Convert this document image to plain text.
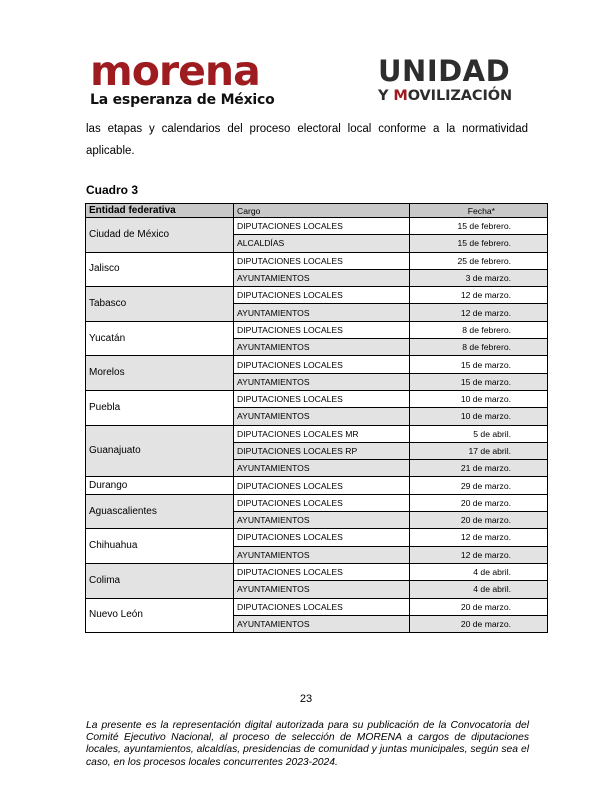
morena
La esperanza de México
UNIDAD
Y MOVILIZACIÓN
las etapas y calendarios del proceso electoral local conforme a la normatividad aplicable.
Cuadro 3
Entidad federativa	Cargo	Fecha*
Ciudad de México	DIPUTACIONES LOCALES	15 de febrero.
	ALCALDÍAS	15 de febrero.
Jalisco	DIPUTACIONES LOCALES	25 de febrero.
	AYUNTAMIENTOS	3 de marzo.
Tabasco	DIPUTACIONES LOCALES	12 de marzo.
	AYUNTAMIENTOS	12 de marzo.
Yucatán	DIPUTACIONES LOCALES	8 de febrero.
	AYUNTAMIENTOS	8 de febrero.
Morelos	DIPUTACIONES LOCALES	15 de marzo.
	AYUNTAMIENTOS	15 de marzo.
Puebla	DIPUTACIONES LOCALES	10 de marzo.
	AYUNTAMIENTOS	10 de marzo.
Guanajuato	DIPUTACIONES LOCALES MR	5 de abril.
	DIPUTACIONES LOCALES RP	17 de abril.
	AYUNTAMIENTOS	21 de marzo.
Durango	DIPUTACIONES LOCALES	29 de marzo.
Aguascalientes	DIPUTACIONES LOCALES	20 de marzo.
	AYUNTAMIENTOS	20 de marzo.
Chihuahua	DIPUTACIONES LOCALES	12 de marzo.
	AYUNTAMIENTOS	12 de marzo.
Colima	DIPUTACIONES LOCALES	4 de abril.
	AYUNTAMIENTOS	4 de abril.
Nuevo León	DIPUTACIONES LOCALES	20 de marzo.
	AYUNTAMIENTOS	20 de marzo.
23
La presente es la representación digital autorizada para su publicación de la Convocatoria del Comité Ejecutivo Nacional, al proceso de selección de MORENA a cargos de diputaciones locales, ayuntamientos, alcaldías, presidencias de comunidad y juntas municipales, según sea el caso, en los procesos locales concurrentes 2023-2024.
